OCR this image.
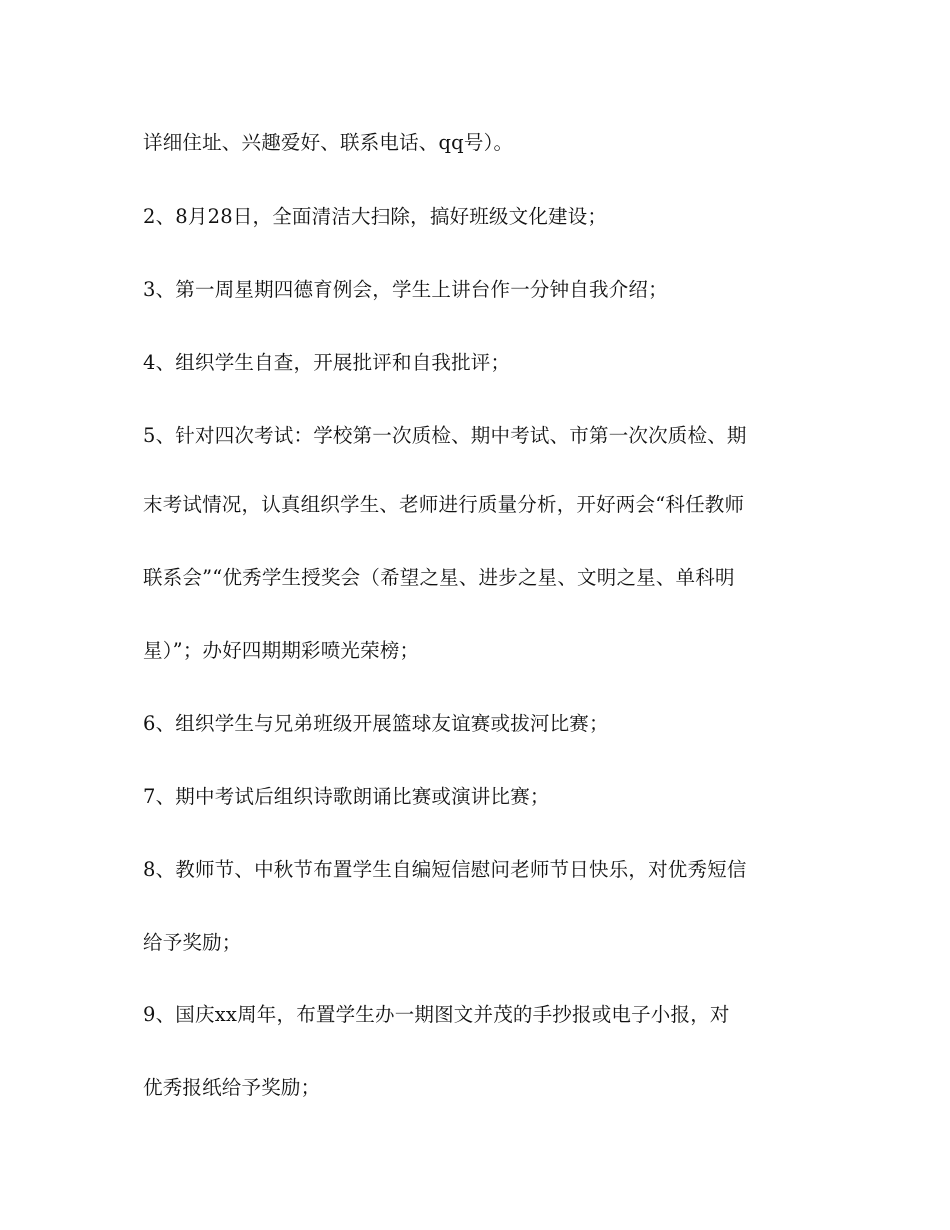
详细住址、兴趣爱好、联系电话、qq号）。
2、8月28日，全面清洁大扫除，搞好班级文化建设；
3、第一周星期四德育例会，学生上讲台作一分钟自我介绍；
4、组织学生自查，开展批评和自我批评；
5、针对四次考试：学校第一次质检、期中考试、市第一次次质检、期
末考试情况，认真组织学生、老师进行质量分析，开好两会“科任教师
联系会”“优秀学生授奖会（希望之星、进步之星、文明之星、单科明
星）”；办好四期期彩喷光荣榜；
6、组织学生与兄弟班级开展篮球友谊赛或拔河比赛；
7、期中考试后组织诗歌朗诵比赛或演讲比赛；
8、教师节、中秋节布置学生自编短信慰问老师节日快乐，对优秀短信
给予奖励；
9、国庆xx周年，布置学生办一期图文并茂的手抄报或电子小报，对
优秀报纸给予奖励；
